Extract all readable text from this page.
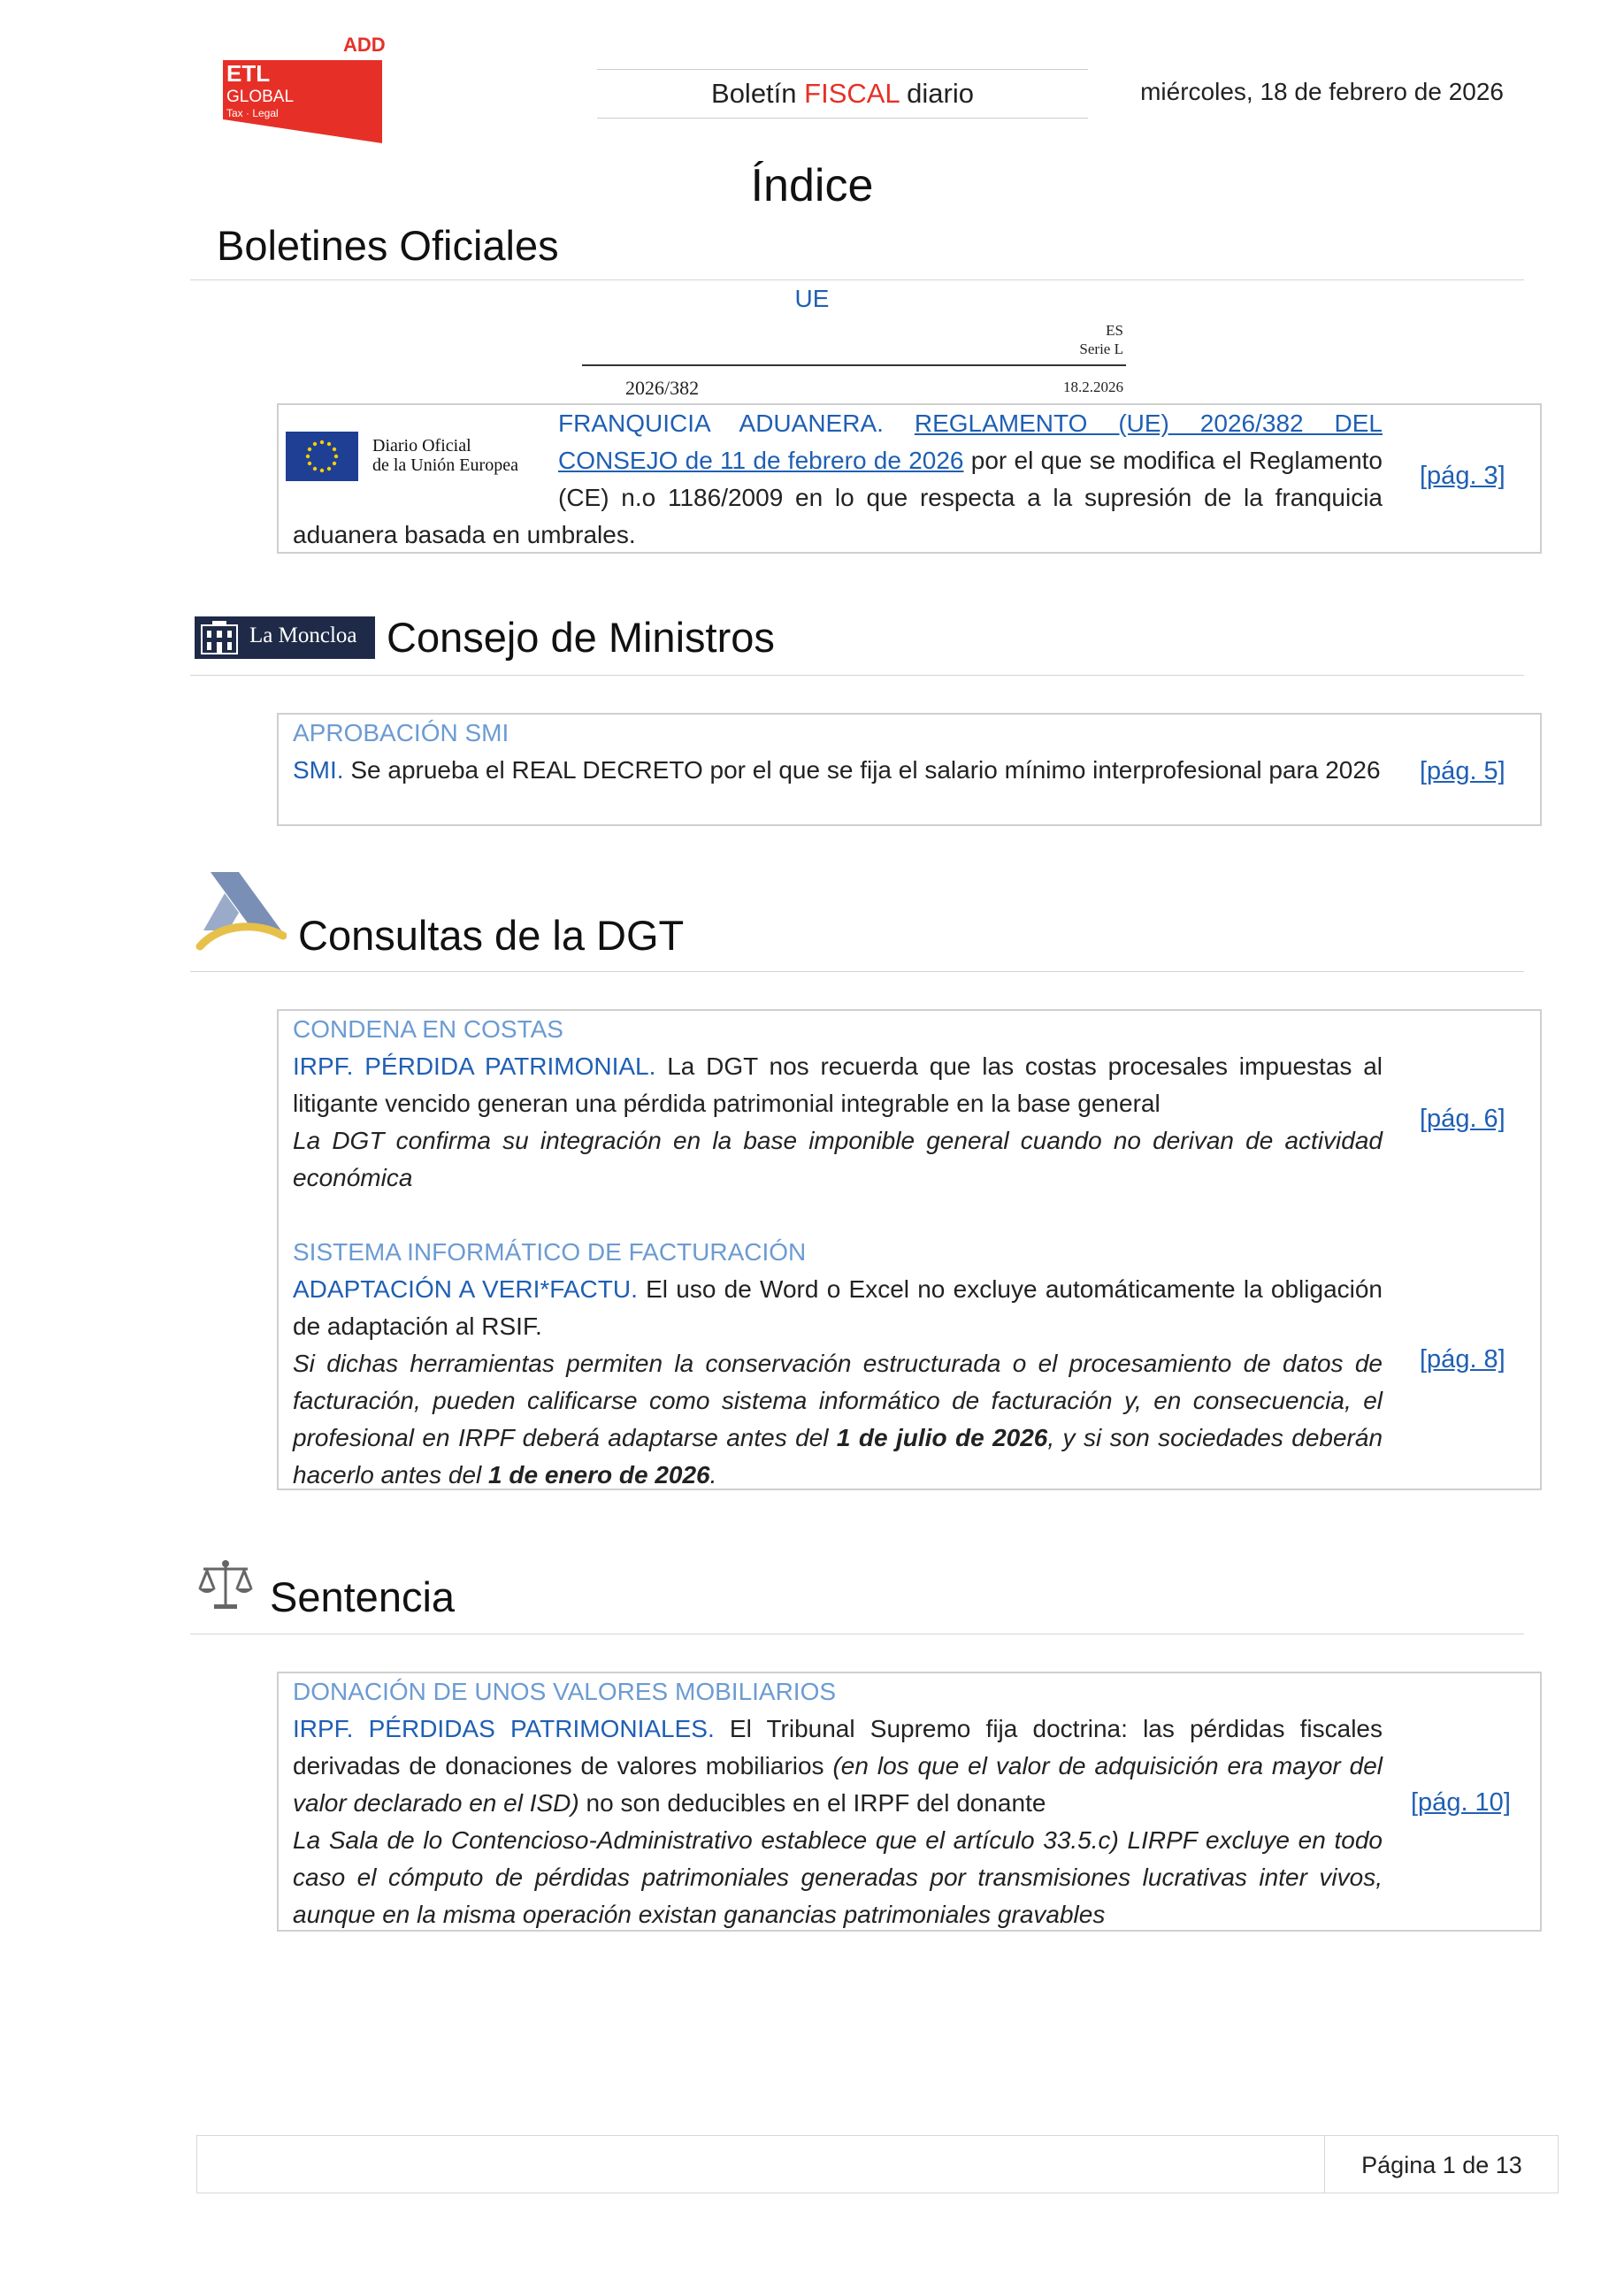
ADD
ETL
GLOBAL
Tax · Legal
Boletín FISCAL diario	miércoles, 18 de febrero de 2026
Índice
Boletines Oficiales
UE
ES
Serie L
2026/382	18.2.2026
Diario Oficial
de la Unión Europea
FRANQUICIA ADUANERA. REGLAMENTO (UE) 2026/382 DEL CONSEJO de 11 de febrero de 2026 por el que se modifica el Reglamento (CE) n.o 1186/2009 en lo que respecta a la supresión de la franquicia aduanera basada en umbrales.
[pág. 3]
La Moncloa Consejo de Ministros
APROBACIÓN SMI
SMI. Se aprueba el REAL DECRETO por el que se fija el salario mínimo interprofesional para 2026 [pág. 5]
Consultas de la DGT
CONDENA EN COSTAS
IRPF. PÉRDIDA PATRIMONIAL. La DGT nos recuerda que las costas procesales impuestas al litigante vencido generan una pérdida patrimonial integrable en la base general
La DGT confirma su integración en la base imponible general cuando no derivan de actividad económica
SISTEMA INFORMÁTICO DE FACTURACIÓN
ADAPTACIÓN A VERI*FACTU. El uso de Word o Excel no excluye automáticamente la obligación de adaptación al RSIF.
Si dichas herramientas permiten la conservación estructurada o el procesamiento de datos de facturación, pueden calificarse como sistema informático de facturación y, en consecuencia, el profesional en IRPF deberá adaptarse antes del 1 de julio de 2026, y si son sociedades deberán hacerlo antes del 1 de enero de 2026.
[pág. 6]
[pág. 8]
Sentencia
DONACIÓN DE UNOS VALORES MOBILIARIOS
IRPF. PÉRDIDAS PATRIMONIALES. El Tribunal Supremo fija doctrina: las pérdidas fiscales derivadas de donaciones de valores mobiliarios (en los que el valor de adquisición era mayor del valor declarado en el ISD) no son deducibles en el IRPF del donante
La Sala de lo Contencioso-Administrativo establece que el artículo 33.5.c) LIRPF excluye en todo caso el cómputo de pérdidas patrimoniales generadas por transmisiones lucrativas inter vivos, aunque en la misma operación existan ganancias patrimoniales gravables
[pág. 10]
Página 1 de 13
